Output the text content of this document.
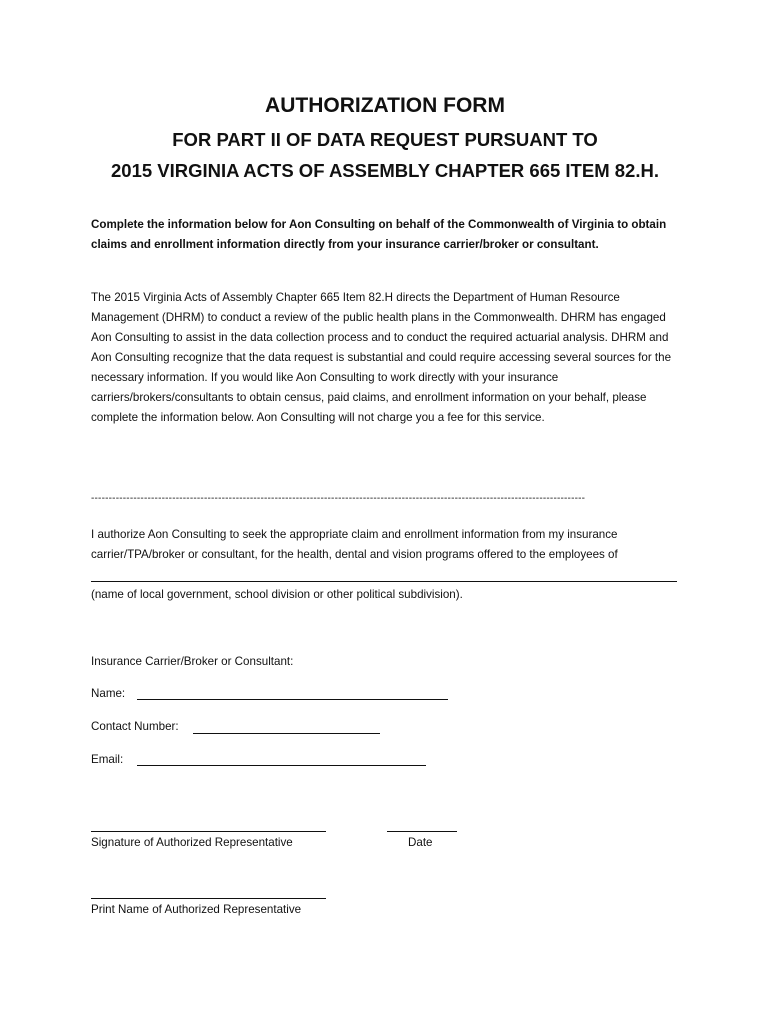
AUTHORIZATION FORM
FOR PART II OF DATA REQUEST PURSUANT TO
2015 VIRGINIA ACTS OF ASSEMBLY CHAPTER 665 ITEM 82.H.

Complete the information below for Aon Consulting on behalf of the Commonwealth of Virginia to obtain claims and enrollment information directly from your insurance carrier/broker or consultant.

The 2015 Virginia Acts of Assembly Chapter 665 Item 82.H directs the Department of Human Resource Management (DHRM) to conduct a review of the public health plans in the Commonwealth. DHRM has engaged Aon Consulting to assist in the data collection process and to conduct the required actuarial analysis. DHRM and Aon Consulting recognize that the data request is substantial and could require accessing several sources for the necessary information. If you would like Aon Consulting to work directly with your insurance carriers/brokers/consultants to obtain census, paid claims, and enrollment information on your behalf, please complete the information below. Aon Consulting will not charge you a fee for this service.

--------------------------------------------------------------------------------------------------------------------------------------------

I authorize Aon Consulting to seek the appropriate claim and enrollment information from my insurance carrier/TPA/broker or consultant, for the health, dental and vision programs offered to the employees of

(name of local government, school division or other political subdivision).
Insurance Carrier/Broker or Consultant:
Name:
Contact Number:
Email:
Signature of Authorized Representative	Date
Print Name of Authorized Representative
